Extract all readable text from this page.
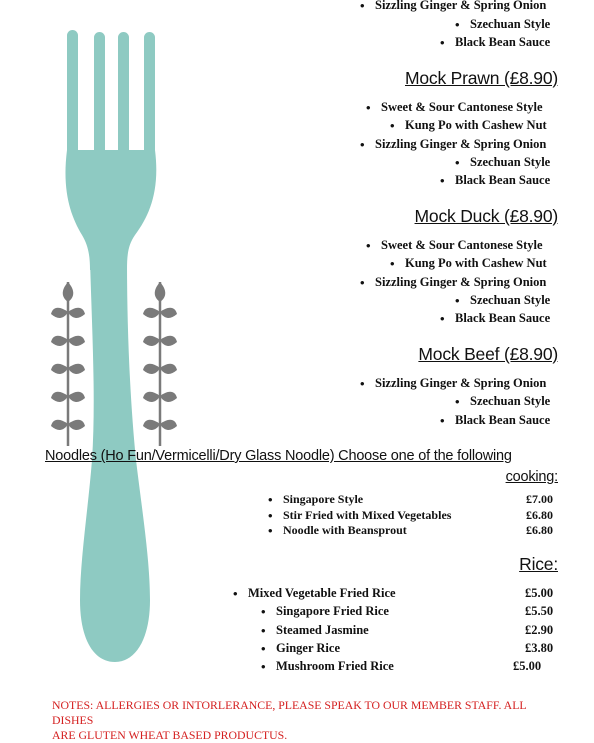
• Sizzling Ginger & Spring Onion
• Szechuan Style
• Black Bean Sauce
Mock Prawn (£8.90)
• Sweet & Sour Cantonese Style
• Kung Po with Cashew Nut
• Sizzling Ginger & Spring Onion
• Szechuan Style
• Black Bean Sauce
Mock Duck (£8.90)
• Sweet & Sour Cantonese Style
• Kung Po with Cashew Nut
• Sizzling Ginger & Spring Onion
• Szechuan Style
• Black Bean Sauce
Mock Beef (£8.90)
• Sizzling Ginger & Spring Onion
• Szechuan Style
• Black Bean Sauce
Noodles (Ho Fun/Vermicelli/Dry Glass Noodle) Choose one of the following
cooking:
• Singapore Style	£7.00
• Stir Fried with Mixed Vegetables	£6.80
• Noodle with Beansprout	£6.80
Rice:
• Mixed Vegetable Fried Rice	£5.00
• Singapore Fried Rice	£5.50
• Steamed Jasmine	£2.90
• Ginger Rice	£3.80
• Mushroom Fried Rice	£5.00
NOTES: ALLERGIES OR INTORLERANCE, PLEASE SPEAK TO OUR MEMBER STAFF. ALL DISHES
ARE GLUTEN WHEAT BASED PRODUCTUS.
